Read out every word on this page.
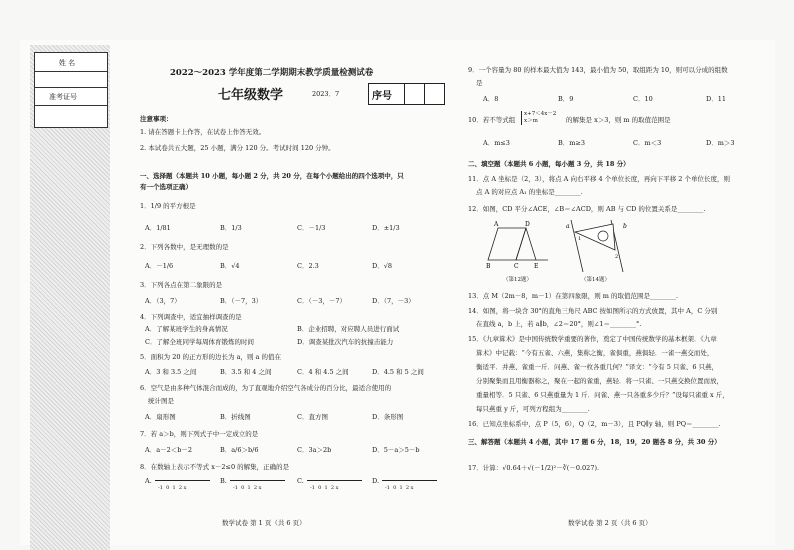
姓 名
准考证号
2022～2023 学年度第二学期期末教学质量检测试卷
七年级数学	2023．7	序号
注意事项：
1. 请在答题卡上作答，在试卷上作答无效。
2. 本试卷共五大题，25 小题，满分 120 分。考试时间 120 分钟。
一、选择题（本题共 10 小题，每小题 2 分，共 20 分，在每个小题给出的四个选项中，只
有一个选项正确）
1．1/9 的平方根是
A．1/81	B．1/3	C．－1/3	D．±1/3
2．下列各数中，是无理数的是
A．－1/6	B．√4	C．2.3	D．√8
3．下列各点在第二象限的是
A．（3，7）	B．（－7，3）	C．（－3，－7）	D．（7，－3）
4．下列调查中，适宜抽样调查的是
A．了解某班学生的身高情况	B．企业招聘，对应聘人员进行面试
C．了解全班同学每周体育锻炼的时间	D．调查某批次汽车的抗撞击能力
5．面积为 20 的正方形的边长为 a，则 a 的值在
A．3 和 3.5 之间	B．3.5 和 4 之间	C．4 和 4.5 之间	D．4.5 和 5 之间
6．空气是由多种气体混合而成的，为了直观地介绍空气各成分的百分比，最适合使用的
统计图是
A．扇形图	B．折线图	C．直方图	D．条形图
7．若 a＞b，则下列式子中一定成立的是
A．a－2＜b－2	B．a/6＞b/6	C．3a＞2b	D．5－a＞5－b
8．在数轴上表示不等式 x－2≤0 的解集，正确的是
A.
-1 0 1 2 x
B.
-1 0 1 2 x
C.
-1 0 1 2 x
D.
-1 0 1 2 x
数学试卷 第 1 页（共 6 页）
9．一个容量为 80 的样本最大值为 143，最小值为 50，取组距为 10，则可以分成的组数
是
A．8	B．9	C．10	D．11
10．若不等式组
x+7＜4x－2
x＞m	的解集是 x＞3，则 m 的取值范围是
A．m≤3	B．m≥3	C．m＜3	D．m＞3
二、填空题（本题共 6 小题，每小题 3 分，共 18 分）
11．点 A 坐标是（2，3），将点 A 向右平移 4 个单位长度，再向下平移 2 个单位长度，则
点 A 的对应点 A₁ 的坐标是________.
12．如图，CD 平分∠ACE，∠B＝∠ACD，则 AB 与 CD 的位置关系是________.
A	D
B	C	E
（第12题）
a	b
1
2
（第14题）
13．点 M（2m－8，m－1）在第四象限，则 m 的取值范围是________.
14．如图，将一块含 30°的直角三角尺 ABC 按如图所示的方式放置，其中 A，C 分别
在直线 a，b 上，若 a∥b，∠2＝20°，则∠1＝________°.
15．《九章算术》是中国传统数学重要的著作，奠定了中国传统数学的基本框架．《九章
算术》中记载：“今有五雀、六燕，集称之衡，雀俱重，燕俱轻．一雀一燕交而处，
衡适平．并燕、雀重一斤．问燕、雀一枚各重几何？”译文：“今有 5 只雀、6 只燕，
分别聚集而且用衡器称之，聚在一起的雀重，燕轻．将一只雀、一只燕交换位置而放，
重量相等．5 只雀、6 只燕重量为 1 斤．问雀、燕一只各重多少斤？”设每只雀重 x 斤，
每只燕重 y 斤，可列方程组为________.
16．已知点坐标系中，点 P（5，6），Q（2，m－3），且 PQ∥y 轴，则 PQ＝________.
三、解答题（本题共 4 小题，其中 17 题 6 分，18，19，20 题各 8 分，共 30 分）
17．计算：√0.64＋√(－1/2)²－∛(－0.027).
数学试卷 第 2 页（共 6 页）
